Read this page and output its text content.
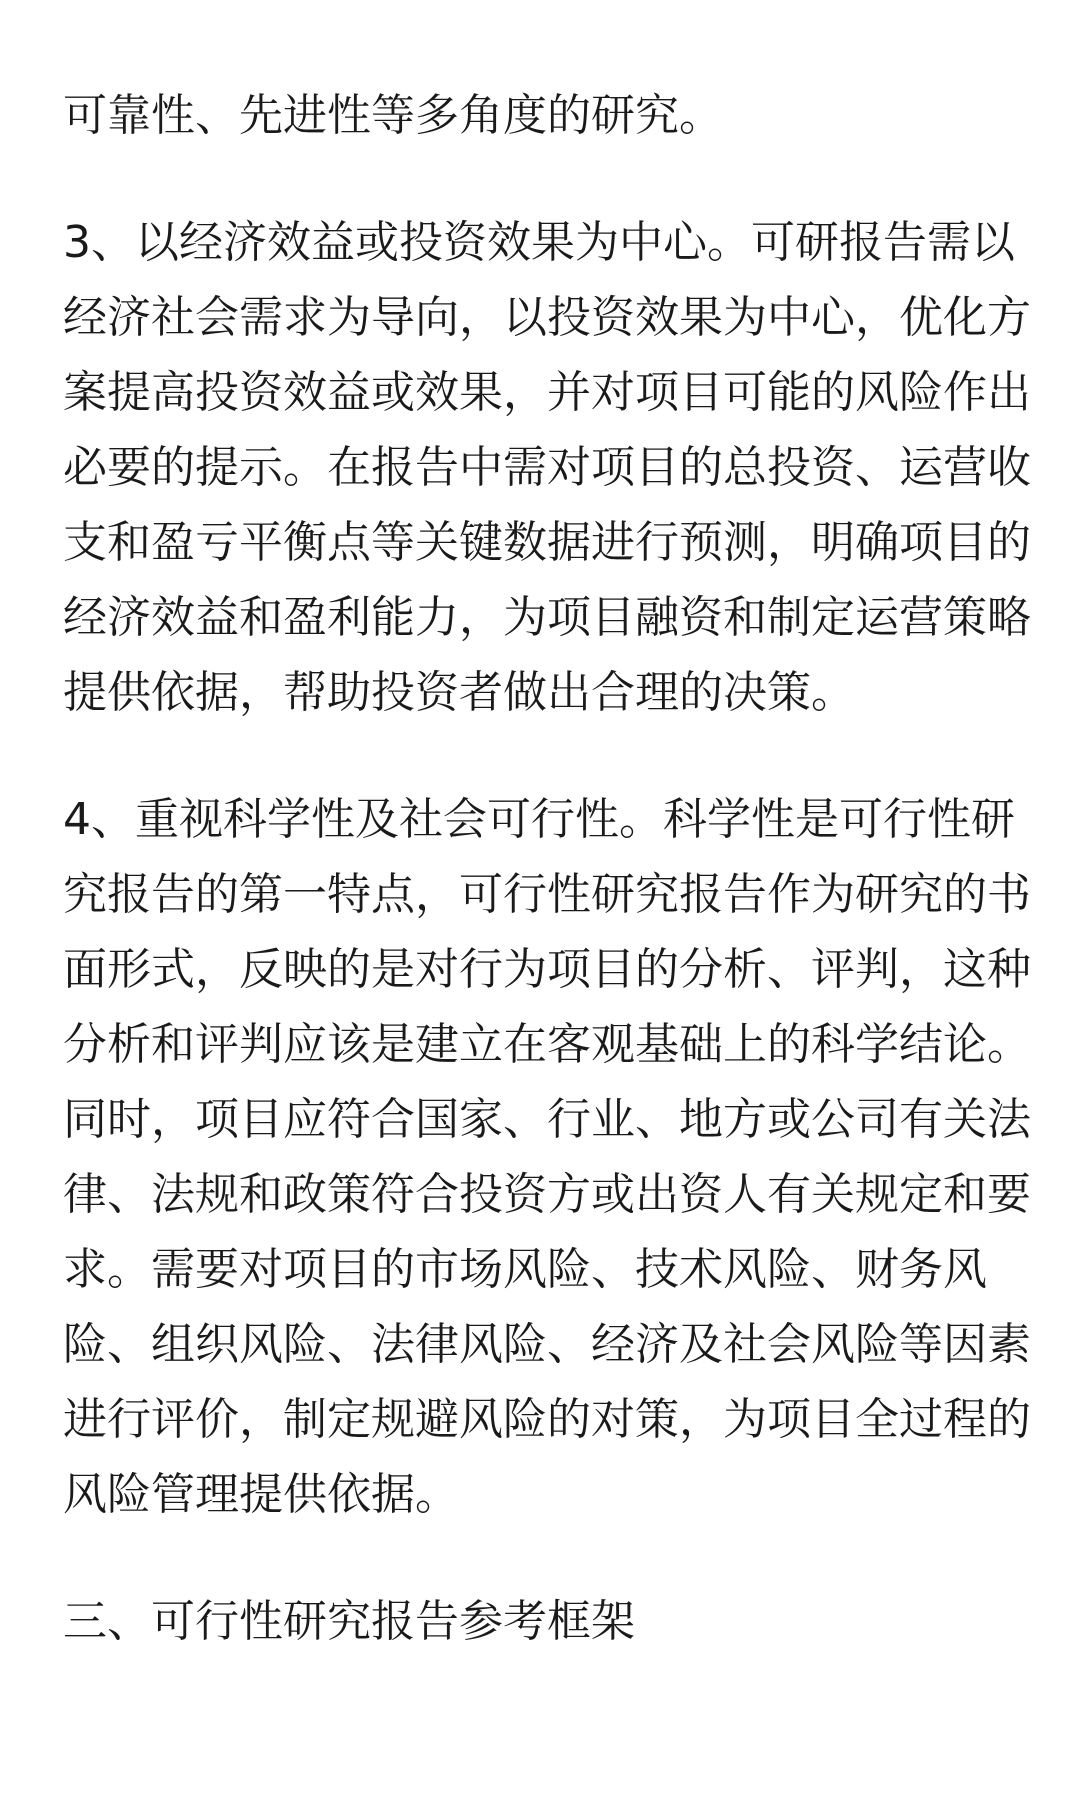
可靠性、先进性等多角度的研究。
3、以经济效益或投资效果为中心。可研报告需以
经济社会需求为导向，以投资效果为中心，优化方
案提高投资效益或效果，并对项目可能的风险作出
必要的提示。在报告中需对项目的总投资、运营收
支和盈亏平衡点等关键数据进行预测，明确项目的
经济效益和盈利能力，为项目融资和制定运营策略
提供依据，帮助投资者做出合理的决策。
4、重视科学性及社会可行性。科学性是可行性研
究报告的第一特点，可行性研究报告作为研究的书
面形式，反映的是对行为项目的分析、评判，这种
分析和评判应该是建立在客观基础上的科学结论。
同时，项目应符合国家、行业、地方或公司有关法
律、法规和政策符合投资方或出资人有关规定和要
求。需要对项目的市场风险、技术风险、财务风
险、组织风险、法律风险、经济及社会风险等因素
进行评价，制定规避风险的对策，为项目全过程的
风险管理提供依据。
三、可行性研究报告参考框架
